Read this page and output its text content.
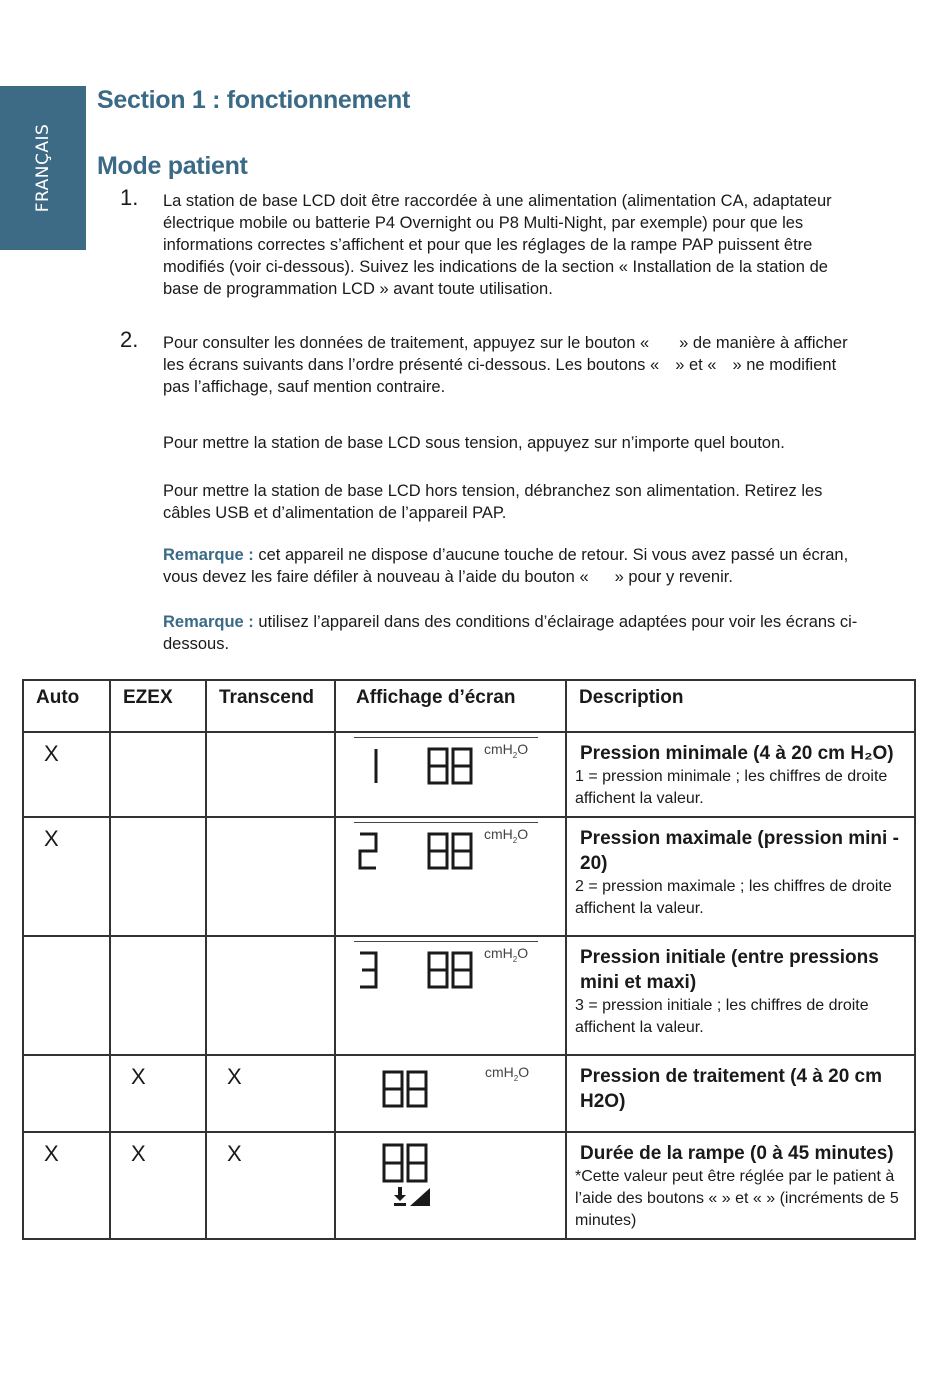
FRANÇAIS
Section 1 : fonctionnement
Mode patient
1. La station de base LCD doit être raccordée à une alimentation (alimentation CA, adaptateur électrique mobile ou batterie P4 Overnight ou P8 Multi-Night, par exemple) pour que les informations correctes s’affichent et pour que les réglages de la rampe PAP puissent être modifiés (voir ci-dessous). Suivez les indications de la section « Installation de la station de base de programmation LCD » avant toute utilisation.
2. Pour consulter les données de traitement, appuyez sur le bouton « » de manière à afficher les écrans suivants dans l’ordre présenté ci-dessous. Les boutons « » et « » ne modifient pas l’affichage, sauf mention contraire.
Pour mettre la station de base LCD sous tension, appuyez sur n’importe quel bouton.
Pour mettre la station de base LCD hors tension, débranchez son alimentation. Retirez les câbles USB et d’alimentation de l’appareil PAP.
Remarque : cet appareil ne dispose d’aucune touche de retour. Si vous avez passé un écran, vous devez les faire défiler à nouveau à l’aide du bouton « » pour y revenir.
Remarque : utilisez l’appareil dans des conditions d’éclairage adaptées pour voir les écrans ci-dessous.
Auto	EZEX	Transcend	Affichage d’écran	Description
X			cmH$_2$O	Pression minimale (4 à 20 cm H₂O)
1 = pression minimale ; les chiffres de droite affichent la valeur.

X			cmH$_2$O	Pression maximale (pression mini - 20)
2 = pression maximale ; les chiffres de droite affichent la valeur.

			cmH$_2$O	Pression initiale (entre pressions mini et maxi)
3 = pression initiale ; les chiffres de droite affichent la valeur.

	X	X	cmH$_2$O	Pression de traitement (4 à 20 cm H2O)

X	X	X		Durée de la rampe (0 à 45 minutes)
*Cette valeur peut être réglée par le patient à l’aide des boutons « » et « » (incréments de 5 minutes)
